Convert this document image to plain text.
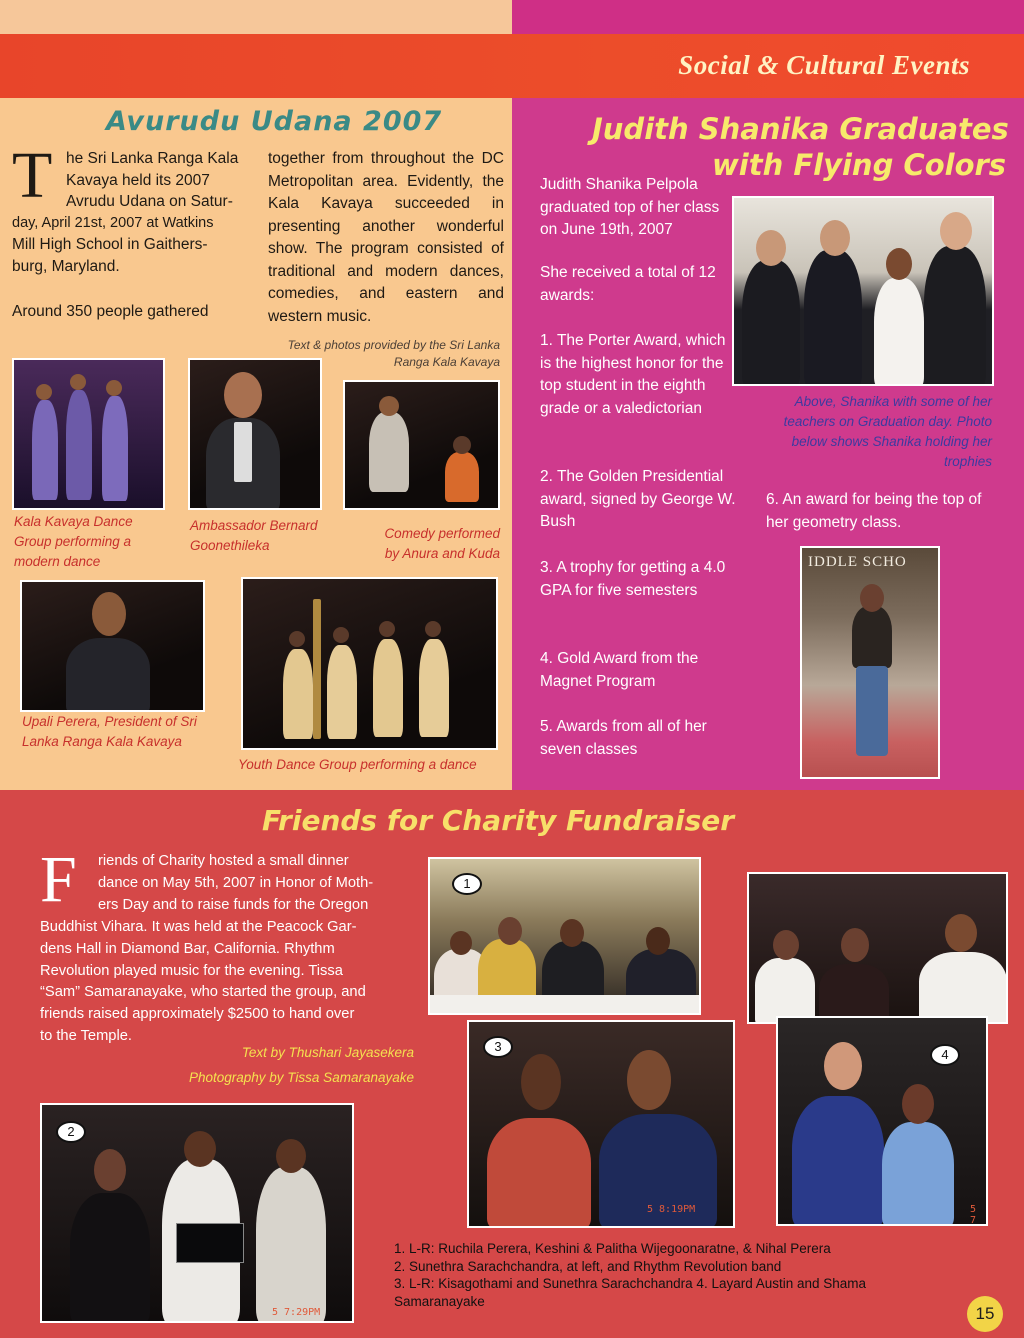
Social & Cultural Events
Avurudu Udana 2007
T he Sri Lanka Ranga Kala
Kavaya held its 2007
Avrudu Udana on Satur-
day, April 21st, 2007 at Watkins
Mill High School in Gaithers-
burg, Maryland.
Around 350 people gathered
together from throughout the DC Metropolitan area. Evidently, the Kala Kavaya succeeded in presenting another wonderful show. The program consisted of traditional and modern dances, comedies, and eastern and western music.
Text & photos provided by the Sri Lanka Ranga Kala Kavaya
Kala Kavaya Dance Group performing a modern dance
Ambassador Bernard Goonethileka
Comedy performed by Anura and Kuda
Upali Perera, President of Sri Lanka Ranga Kala Kavaya
Youth Dance Group performing a dance
Judith Shanika Graduates
with Flying Colors
Judith Shanika Pelpola graduated top of her class on June 19th, 2007
She received a total of 12 awards:
1. The Porter Award, which is the highest honor for the top student in the eighth grade or a valedictorian
2. The Golden Presidential award, signed by George W. Bush
3. A trophy for getting a 4.0 GPA for five semesters
4. Gold Award from the Magnet Program
5. Awards from all of her seven classes
6. An award for being the top of her geometry class.
Above, Shanika with some of her teachers on Graduation day. Photo below shows Shanika holding her trophies
IDDLE SCHO
Friends for Charity Fundraiser
F	riends of Charity hosted a small dinner
dance on May 5th, 2007 in Honor of Moth-
ers Day and to raise funds for the Oregon
Buddhist Vihara. It was held at the Peacock Gar-
dens Hall in Diamond Bar, California. Rhythm
Revolution played music for the evening. Tissa
“Sam” Samaranayake, who started the group, and
friends raised approximately $2500 to hand over
to the Temple.
Text by Thushari Jayasekera
Photography by Tissa Samaranayake
1
3
5 8:19PM
4
5 7
2
5 7:29PM
1. L-R: Ruchila Perera, Keshini & Palitha Wijegoonaratne, & Nihal Perera
2. Sunethra Sarachchandra, at left, and Rhythm Revolution band
3. L-R: Kisagothami and Sunethra Sarachchandra 4. Layard Austin and Shama
Samaranayake
15
